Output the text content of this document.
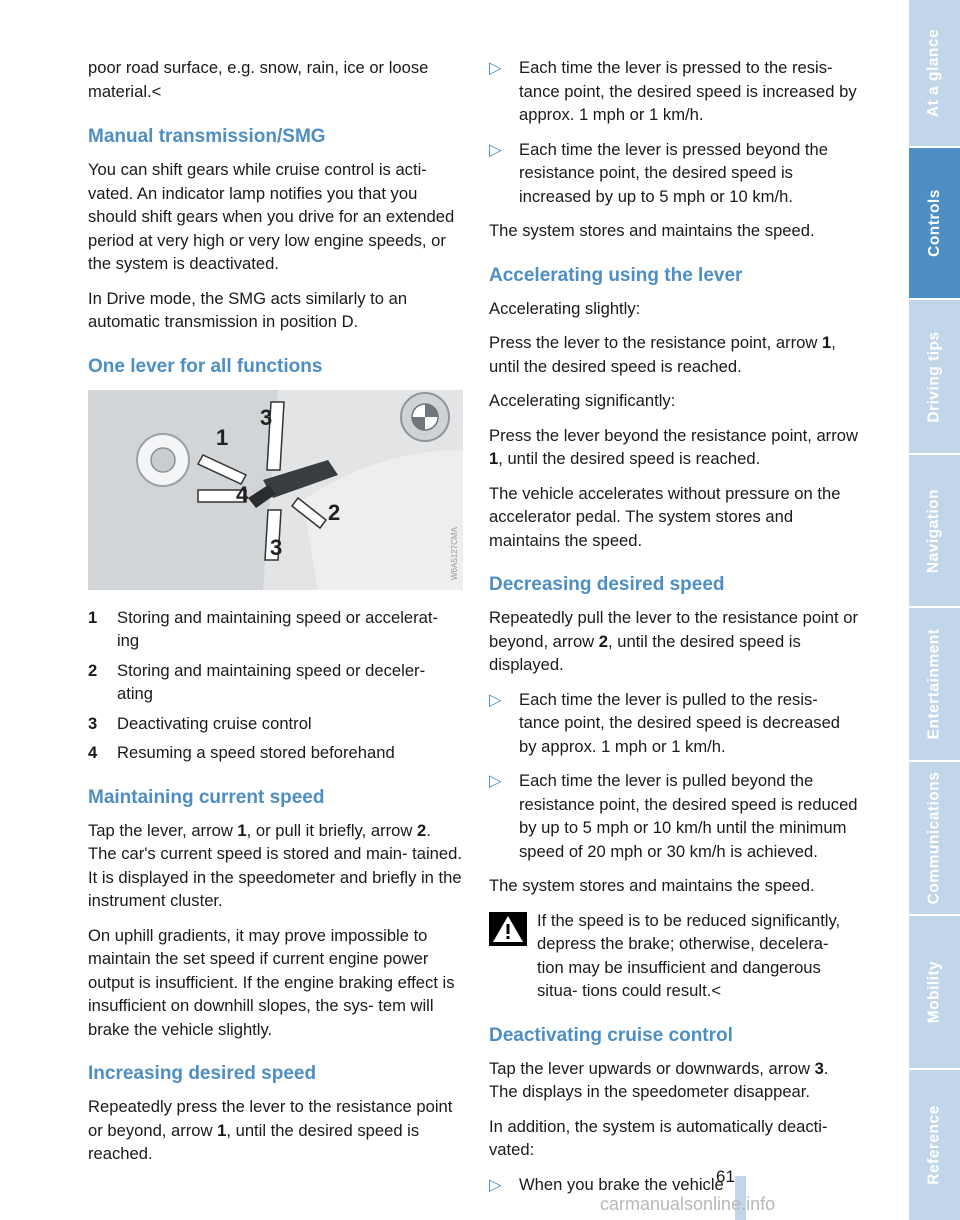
poor road surface, e.g. snow, rain, ice or loose material.<

Manual transmission/SMG

You can shift gears while cruise control is acti- vated. An indicator lamp notifies you that you should shift gears when you drive for an extended period at very high or very low engine speeds, or the system is deactivated.

In Drive mode, the SMG acts similarly to an automatic transmission in position D.

One lever for all functions
1
2
3
3
4
W6A5127CMA
1	Storing and maintaining speed or accelerat- ing
2	Storing and maintaining speed or deceler- ating
3	Deactivating cruise control
4	Resuming a speed stored beforehand
Maintaining current speed

Tap the lever, arrow 1, or pull it briefly, arrow 2. The car's current speed is stored and main- tained. It is displayed in the speedometer and briefly in the instrument cluster.

On uphill gradients, it may prove impossible to maintain the set speed if current engine power output is insufficient. If the engine braking effect is insufficient on downhill slopes, the sys- tem will brake the vehicle slightly.

Increasing desired speed

Repeatedly press the lever to the resistance point or beyond, arrow 1, until the desired speed is reached.

▷	Each time the lever is pressed to the resis- tance point, the desired speed is increased by approx. 1 mph or 1 km/h.
▷	Each time the lever is pressed beyond the resistance point, the desired speed is increased by up to 5 mph or 10 km/h.

The system stores and maintains the speed.

Accelerating using the lever

Accelerating slightly:

Press the lever to the resistance point, arrow 1, until the desired speed is reached.

Accelerating significantly:

Press the lever beyond the resistance point, arrow 1, until the desired speed is reached.

The vehicle accelerates without pressure on the accelerator pedal. The system stores and maintains the speed.

Decreasing desired speed

Repeatedly pull the lever to the resistance point or beyond, arrow 2, until the desired speed is displayed.

▷	Each time the lever is pulled to the resis- tance point, the desired speed is decreased by approx. 1 mph or 1 km/h.
▷	Each time the lever is pulled beyond the resistance point, the desired speed is reduced by up to 5 mph or 10 km/h until the minimum speed of 20 mph or 30 km/h is achieved.

The system stores and maintains the speed.

If the speed is to be reduced significantly, depress the brake; otherwise, decelera-

tion may be insufficient and dangerous situa- tions could result.<

Deactivating cruise control

Tap the lever upwards or downwards, arrow 3. The displays in the speedometer disappear.

In addition, the system is automatically deacti- vated:

▷	When you brake the vehicle
At a glance
Controls
Driving tips
Navigation
Entertainment
Communications
Mobility
Reference
61
carmanualsonline.info
